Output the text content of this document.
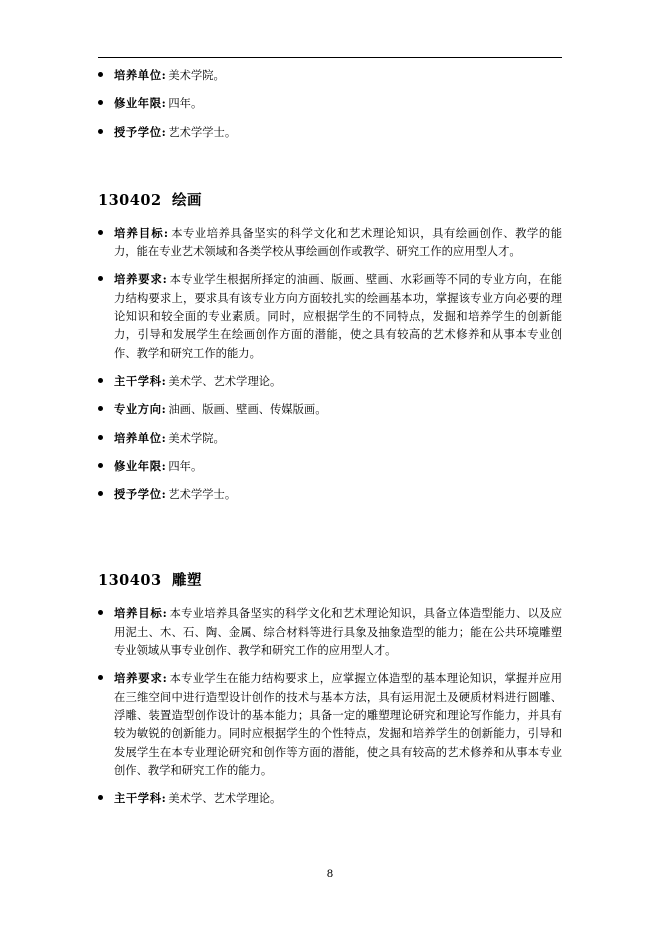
培养单位: 美术学院。
修业年限: 四年。
授予学位: 艺术学学士。
130402 绘画
培养目标: 本专业培养具备坚实的科学文化和艺术理论知识，具有绘画创作、教学的能力，能在专业艺术领域和各类学校从事绘画创作或教学、研究工作的应用型人才。
培养要求: 本专业学生根据所择定的油画、版画、壁画、水彩画等不同的专业方向，在能力结构要求上，要求具有该专业方向方面较扎实的绘画基本功，掌握该专业方向必要的理论知识和较全面的专业素质。同时，应根据学生的不同特点，发掘和培养学生的创新能力，引导和发展学生在绘画创作方面的潜能，使之具有较高的艺术修养和从事本专业创作、教学和研究工作的能力。
主干学科: 美术学、艺术学理论。
专业方向: 油画、版画、壁画、传媒版画。
培养单位: 美术学院。
修业年限: 四年。
授予学位: 艺术学学士。
130403 雕塑
培养目标: 本专业培养具备坚实的科学文化和艺术理论知识，具备立体造型能力、以及应用泥土、木、石、陶、金属、综合材料等进行具象及抽象造型的能力；能在公共环境雕塑专业领域从事专业创作、教学和研究工作的应用型人才。
培养要求: 本专业学生在能力结构要求上，应掌握立体造型的基本理论知识，掌握并应用在三维空间中进行造型设计创作的技术与基本方法，具有运用泥土及硬质材料进行圆雕、浮雕、装置造型创作设计的基本能力；具备一定的雕塑理论研究和理论写作能力，并具有较为敏锐的创新能力。同时应根据学生的个性特点，发掘和培养学生的创新能力，引导和发展学生在本专业理论研究和创作等方面的潜能，使之具有较高的艺术修养和从事本专业创作、教学和研究工作的能力。
主干学科: 美术学、艺术学理论。
8
